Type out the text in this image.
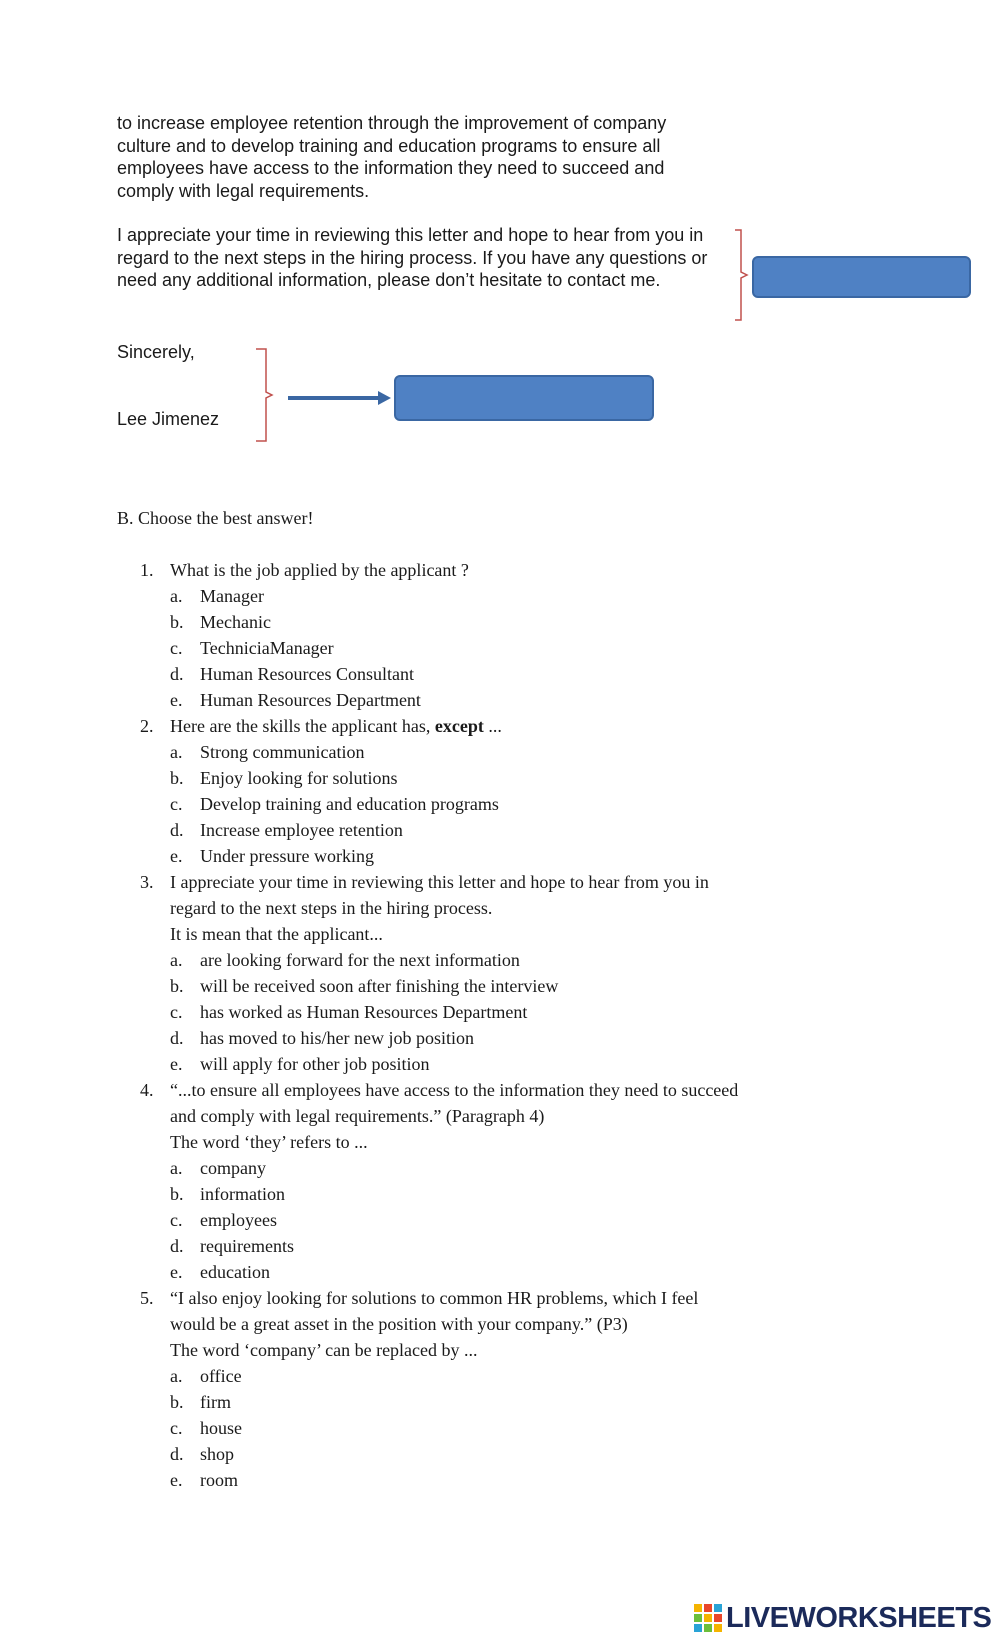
to increase employee retention through the improvement of company culture and to develop training and education programs to ensure all employees have access to the information they need to succeed and comply with legal requirements.
I appreciate your time in reviewing this letter and hope to hear from you in regard to the next steps in the hiring process. If you have any questions or need any additional information, please don’t hesitate to contact me.
Sincerely,
Lee Jimenez
B. Choose the best answer!
1. What is the job applied by the applicant ?
a. Manager
b. Mechanic
c. TechniciaManager
d. Human Resources Consultant
e. Human Resources Department
2. Here are the skills the applicant has, except ...
a. Strong communication
b. Enjoy looking for solutions
c. Develop training and education programs
d. Increase employee retention
e. Under pressure working
3. I appreciate your time in reviewing this letter and hope to hear from you in regard to the next steps in the hiring process.
It is mean that the applicant...
a. are looking forward for the next information
b. will be received soon after finishing the interview
c. has worked as Human Resources Department
d. has moved to his/her new job position
e. will apply for other job position
4. “...to ensure all employees have access to the information they need to succeed and comply with legal requirements.” (Paragraph 4)
The word ‘they’ refers to ...
a. company
b. information
c. employees
d. requirements
e. education
5. “I also enjoy looking for solutions to common HR problems, which I feel would be a great asset in the position with your company.” (P3)
The word ‘company’ can be replaced by ...
a. office
b. firm
c. house
d. shop
e. room
LIVEWORKSHEETS
